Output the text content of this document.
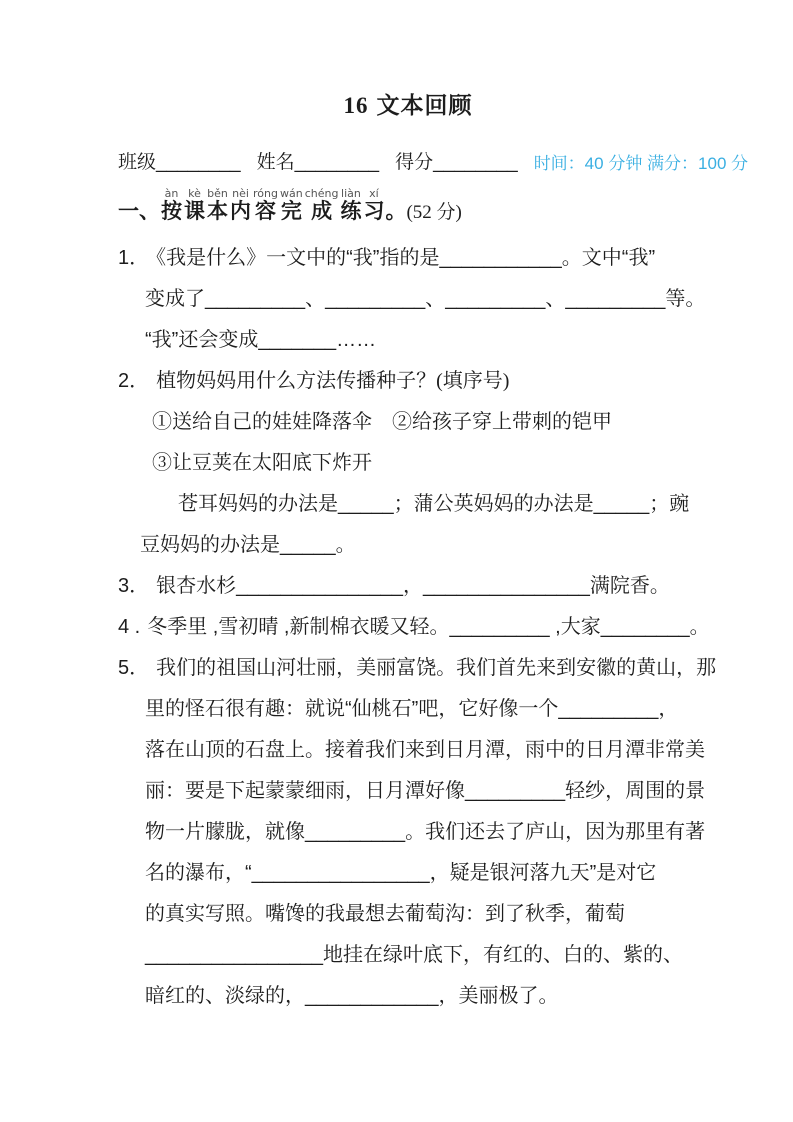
16 文本回顾
班级________ 姓名________ 得分________ 时间：40 分钟 满分：100 分
一、按àn课kè本běn内nèi容róng完wán成chéng练liàn习xí。(52 分)
1． 《我是什么》一文中的“我”指的是___________。文中“我”
变成了_________、_________、_________、_________等。
“我”还会变成_______……
2． 植物妈妈用什么方法传播种子？(填序号)
①送给自己的娃娃降落伞　②给孩子穿上带刺的铠甲
③让豆荚在太阳底下炸开
苍耳妈妈的办法是_____；蒲公英妈妈的办法是_____；豌
豆妈妈的办法是_____。
3． 银杏水杉_______________，_______________满院香。
4 . 冬季里 ,雪初晴 ,新制棉衣暖又轻。_________ ,大家________。
5． 我们的祖国山河壮丽，美丽富饶。我们首先来到安徽的黄山，那
里的怪石很有趣：就说“仙桃石”吧，它好像一个_________，
落在山顶的石盘上。接着我们来到日月潭，雨中的日月潭非常美
丽：要是下起蒙蒙细雨，日月潭好像_________轻纱，周围的景
物一片朦胧，就像_________。我们还去了庐山，因为那里有著
名的瀑布，“________________，疑是银河落九天”是对它
的真实写照。嘴馋的我最想去葡萄沟：到了秋季，葡萄
________________地挂在绿叶底下，有红的、白的、紫的、
暗红的、淡绿的，____________，美丽极了。
